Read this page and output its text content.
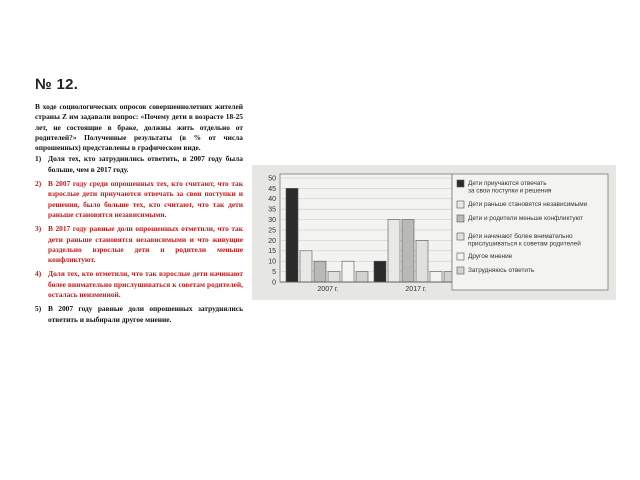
№ 12.
В ходе социологических опросов совершеннолетних жителей страны Z им задавали вопрос: «Почему дети в возрасте 18-25 лет, не состоящие в браке, должны жить отдельно от родителей?» Полученные результаты (в % от числа опрошенных) представлены в графическом виде.
1) Доля тех, кто затруднились ответить, в 2007 году была больше, чем в 2017 году.
2) В 2007 году среди опрошенных тех, кто считают, что так взрослые дети приучаются отвечать за свои поступки и решения, было больше тех, кто считают, что так дети раньше становятся независимыми.
3) В 2017 году равные доли опрошенных отметили, что так дети раньше становятся независимыми и что живущие раздельно взрослые дети и родители меньше конфликтуют.
4) Доля тех, кто отметили, что так взрослые дети начинают более внимательно прислушиваться к советам родителей, осталась неизменной.
5) В 2007 году равные доли опрошенных затруднялись ответить и выбирали другое мнение.
0
5
10
15
20
25
30
35
40
45
50
2007 г.	2017 г.
Дети приучаются отвечать за свои поступки и решения
Дети раньше становятся независимыми
Дети и родители меньше конфликтуют
Дети начинают более внимательно прислушиваться к советам родителей
Другое мнение
Затрудняюсь ответить
